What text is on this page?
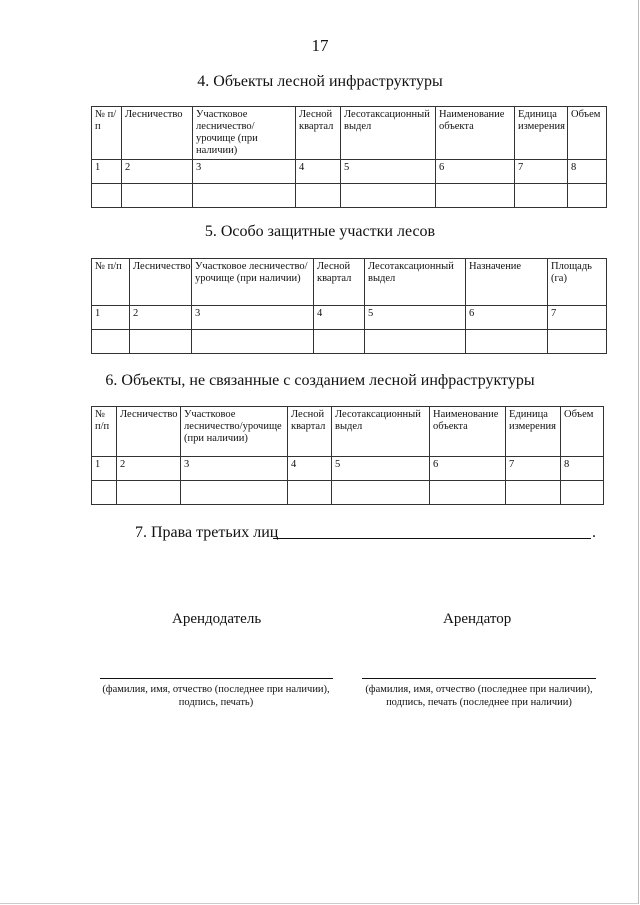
17
4. Объекты лесной инфраструктуры
№ п/п	Лесничество	Участковое лесничество/урочище (при наличии)	Лесной квартал	Лесотаксационный выдел	Наименование объекта	Единица измерения	Объем
1	2	3	4	5	6	7	8

5. Особо защитные участки лесов
№ п/п	Лесничество	Участковое лесничество/урочище (при наличии)	Лесной квартал	Лесотаксационный выдел	Назначение	Площадь (га)
1	2	3	4	5	6	7

6. Объекты, не связанные с созданием лесной инфраструктуры
№ п/п	Лесничество	Участковое лесничество/урочище (при наличии)	Лесной квартал	Лесотаксационный выдел	Наименование объекта	Единица измерения	Объем
1	2	3	4	5	6	7	8

7. Права третьих лиц	.
Арендодатель	Арендатор
(фамилия, имя, отчество (последнее при наличии),
подпись, печать)
(фамилия, имя, отчество (последнее при наличии),
подпись, печать (последнее при наличии)
